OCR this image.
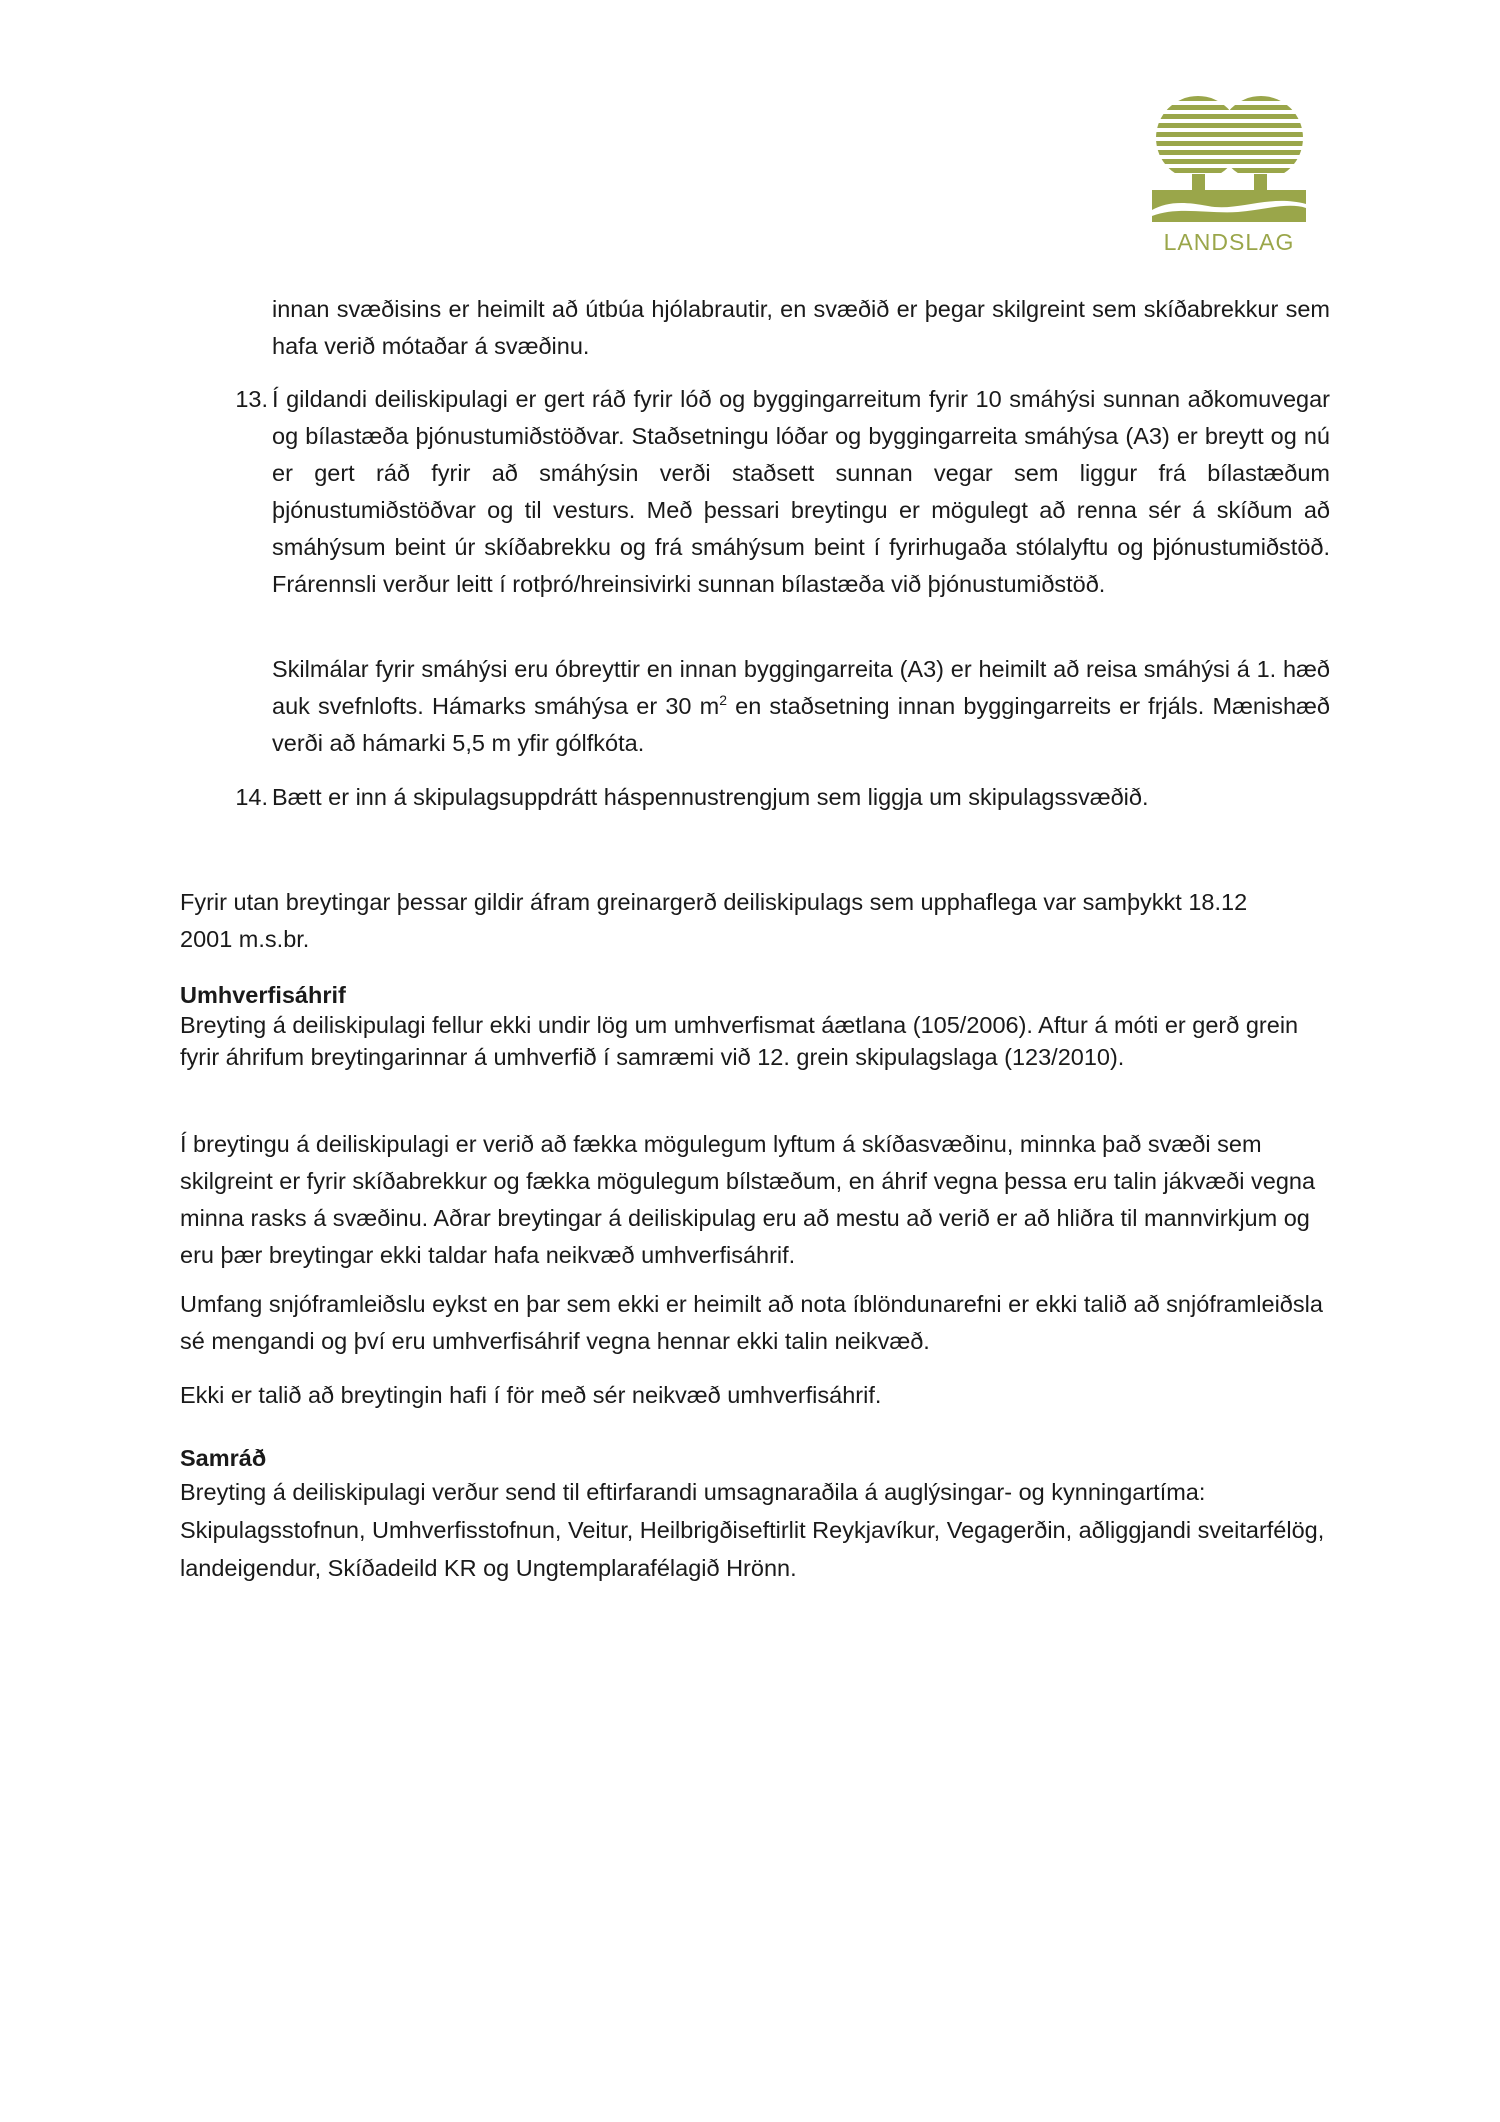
LANDSLAG

innan svæðisins er heimilt að útbúa hjólabrautir, en svæðið er þegar skilgreint sem skíðabrekkur sem hafa verið mótaðar á svæðinu.

13. Í gildandi deiliskipulagi er gert ráð fyrir lóð og byggingarreitum fyrir 10 smáhýsi sunnan aðkomuvegar og bílastæða þjónustumiðstöðvar. Staðsetningu lóðar og byggingarreita smáhýsa (A3) er breytt og nú er gert ráð fyrir að smáhýsin verði staðsett sunnan vegar sem liggur frá bílastæðum þjónustumiðstöðvar og til vesturs. Með þessari breytingu er mögulegt að renna sér á skíðum að smáhýsum beint úr skíðabrekku og frá smáhýsum beint í fyrirhugaða stólalyftu og þjónustumiðstöð. Frárennsli verður leitt í rotþró/hreinsivirki sunnan bílastæða við þjónustumiðstöð.

Skilmálar fyrir smáhýsi eru óbreyttir en innan byggingarreita (A3) er heimilt að reisa smáhýsi á 1. hæð auk svefnlofts. Hámarks smáhýsa er 30 $m^2$ en staðsetning innan byggingarreits er frjáls. Mænishæð verði að hámarki 5,5 m yfir gólfkóta.

14. Bætt er inn á skipulagsuppdrátt háspennustrengjum sem liggja um skipulagssvæðið.

Fyrir utan breytingar þessar gildir áfram greinargerð deiliskipulags sem upphaflega var samþykkt 18.12 2001 m.s.br.

Umhverfisáhrif

Breyting á deiliskipulagi fellur ekki undir lög um umhverfismat áætlana (105/2006). Aftur á móti er gerð grein fyrir áhrifum breytingarinnar á umhverfið í samræmi við 12. grein skipulagslaga (123/2010).

Í breytingu á deiliskipulagi er verið að fækka mögulegum lyftum á skíðasvæðinu, minnka það svæði sem skilgreint er fyrir skíðabrekkur og fækka mögulegum bílstæðum, en áhrif vegna þessa eru talin jákvæði vegna minna rasks á svæðinu. Aðrar breytingar á deiliskipulag eru að mestu að verið er að hliðra til mannvirkjum og eru þær breytingar ekki taldar hafa neikvæð umhverfisáhrif.

Umfang snjóframleiðslu eykst en þar sem ekki er heimilt að nota íblöndunarefni er ekki talið að snjóframleiðsla sé mengandi og því eru umhverfisáhrif vegna hennar ekki talin neikvæð.

Ekki er talið að breytingin hafi í för með sér neikvæð umhverfisáhrif.

Samráð

Breyting á deiliskipulagi verður send til eftirfarandi umsagnaraðila á auglýsingar- og kynningartíma: Skipulagsstofnun, Umhverfisstofnun, Veitur, Heilbrigðiseftirlit Reykjavíkur, Vegagerðin, aðliggjandi sveitarfélög, landeigendur, Skíðadeild KR og Ungtemplarafélagið Hrönn.
